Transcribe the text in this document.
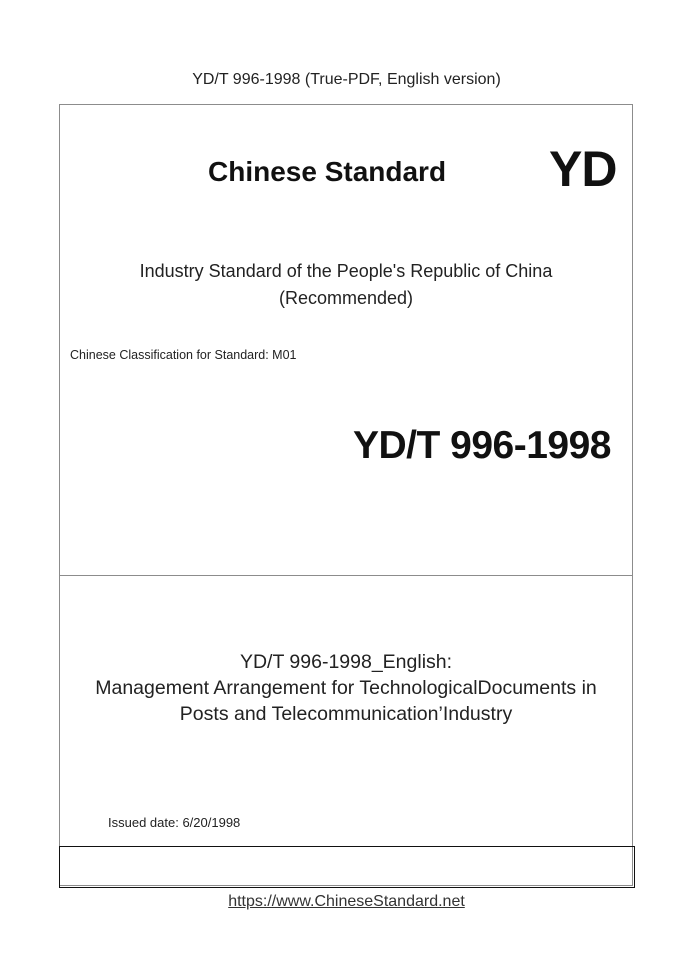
YD/T 996-1998 (True-PDF, English version)
Chinese Standard YD
Industry Standard of the People's Republic of China
(Recommended)
Chinese Classification for Standard: M01
YD/T 996-1998
YD/T 996-1998_English:
Management Arrangement for TechnologicalDocuments in
Posts and Telecommunication’Industry
Issued date: 6/20/1998
https://www.ChineseStandard.net
